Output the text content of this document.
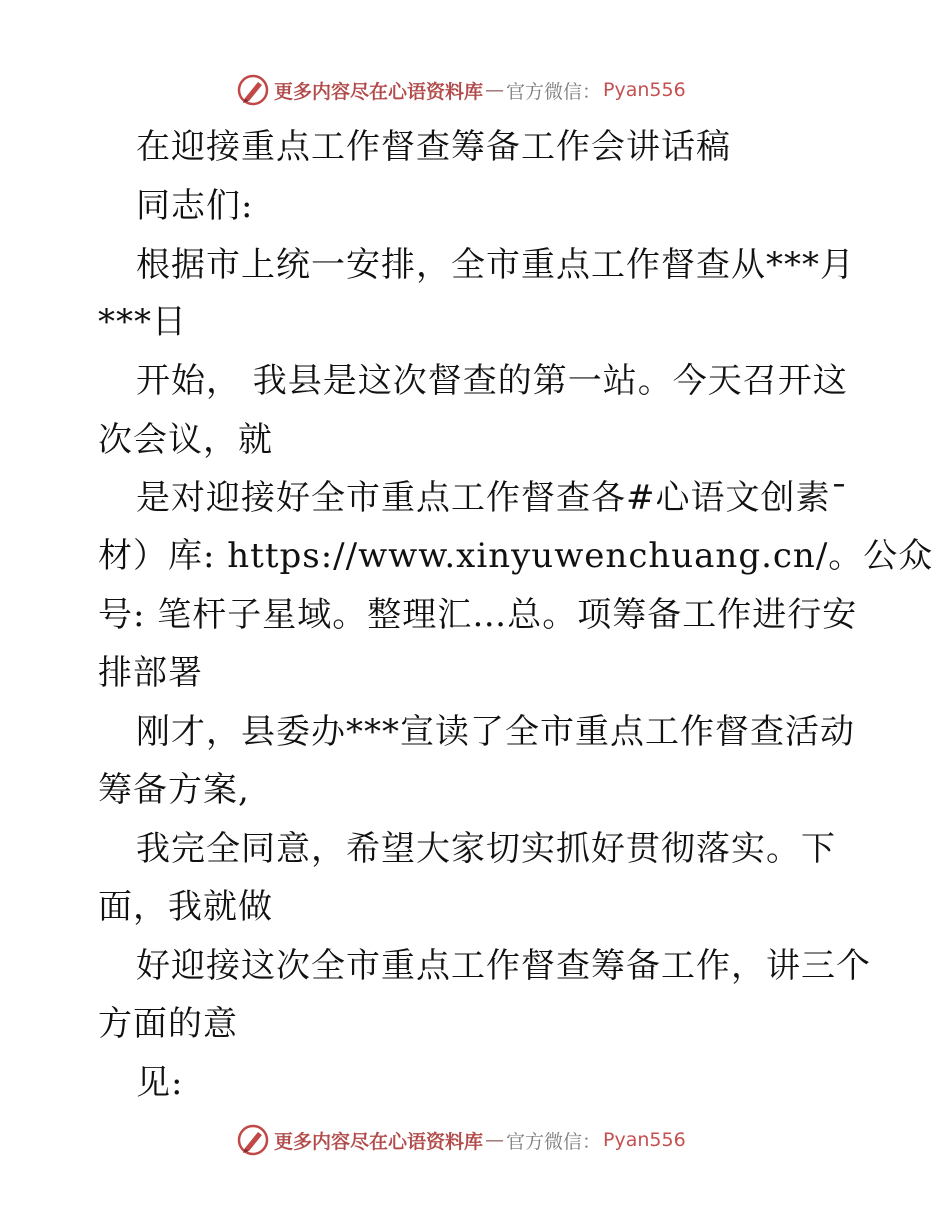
更多内容尽在心语资料库 — 官方微信： Pyan556
在迎接重点工作督查筹备工作会讲话稿
同志们:
根据市上统一安排，全市重点工作督查从***月
***日
开始， 我县是这次督查的第一站。今天召开这
次会议，就
是对迎接好全市重点工作督查各#心语文创素¯
材）库: https://www.xinyuwenchuang.cn/。公众
号: 笔杆子星域。整理汇…总。项筹备工作进行安
排部署
刚才，县委办***宣读了全市重点工作督查活动
筹备方案,
我完全同意，希望大家切实抓好贯彻落实。下
面，我就做
好迎接这次全市重点工作督查筹备工作，讲三个
方面的意
见:
更多内容尽在心语资料库 — 官方微信： Pyan556
